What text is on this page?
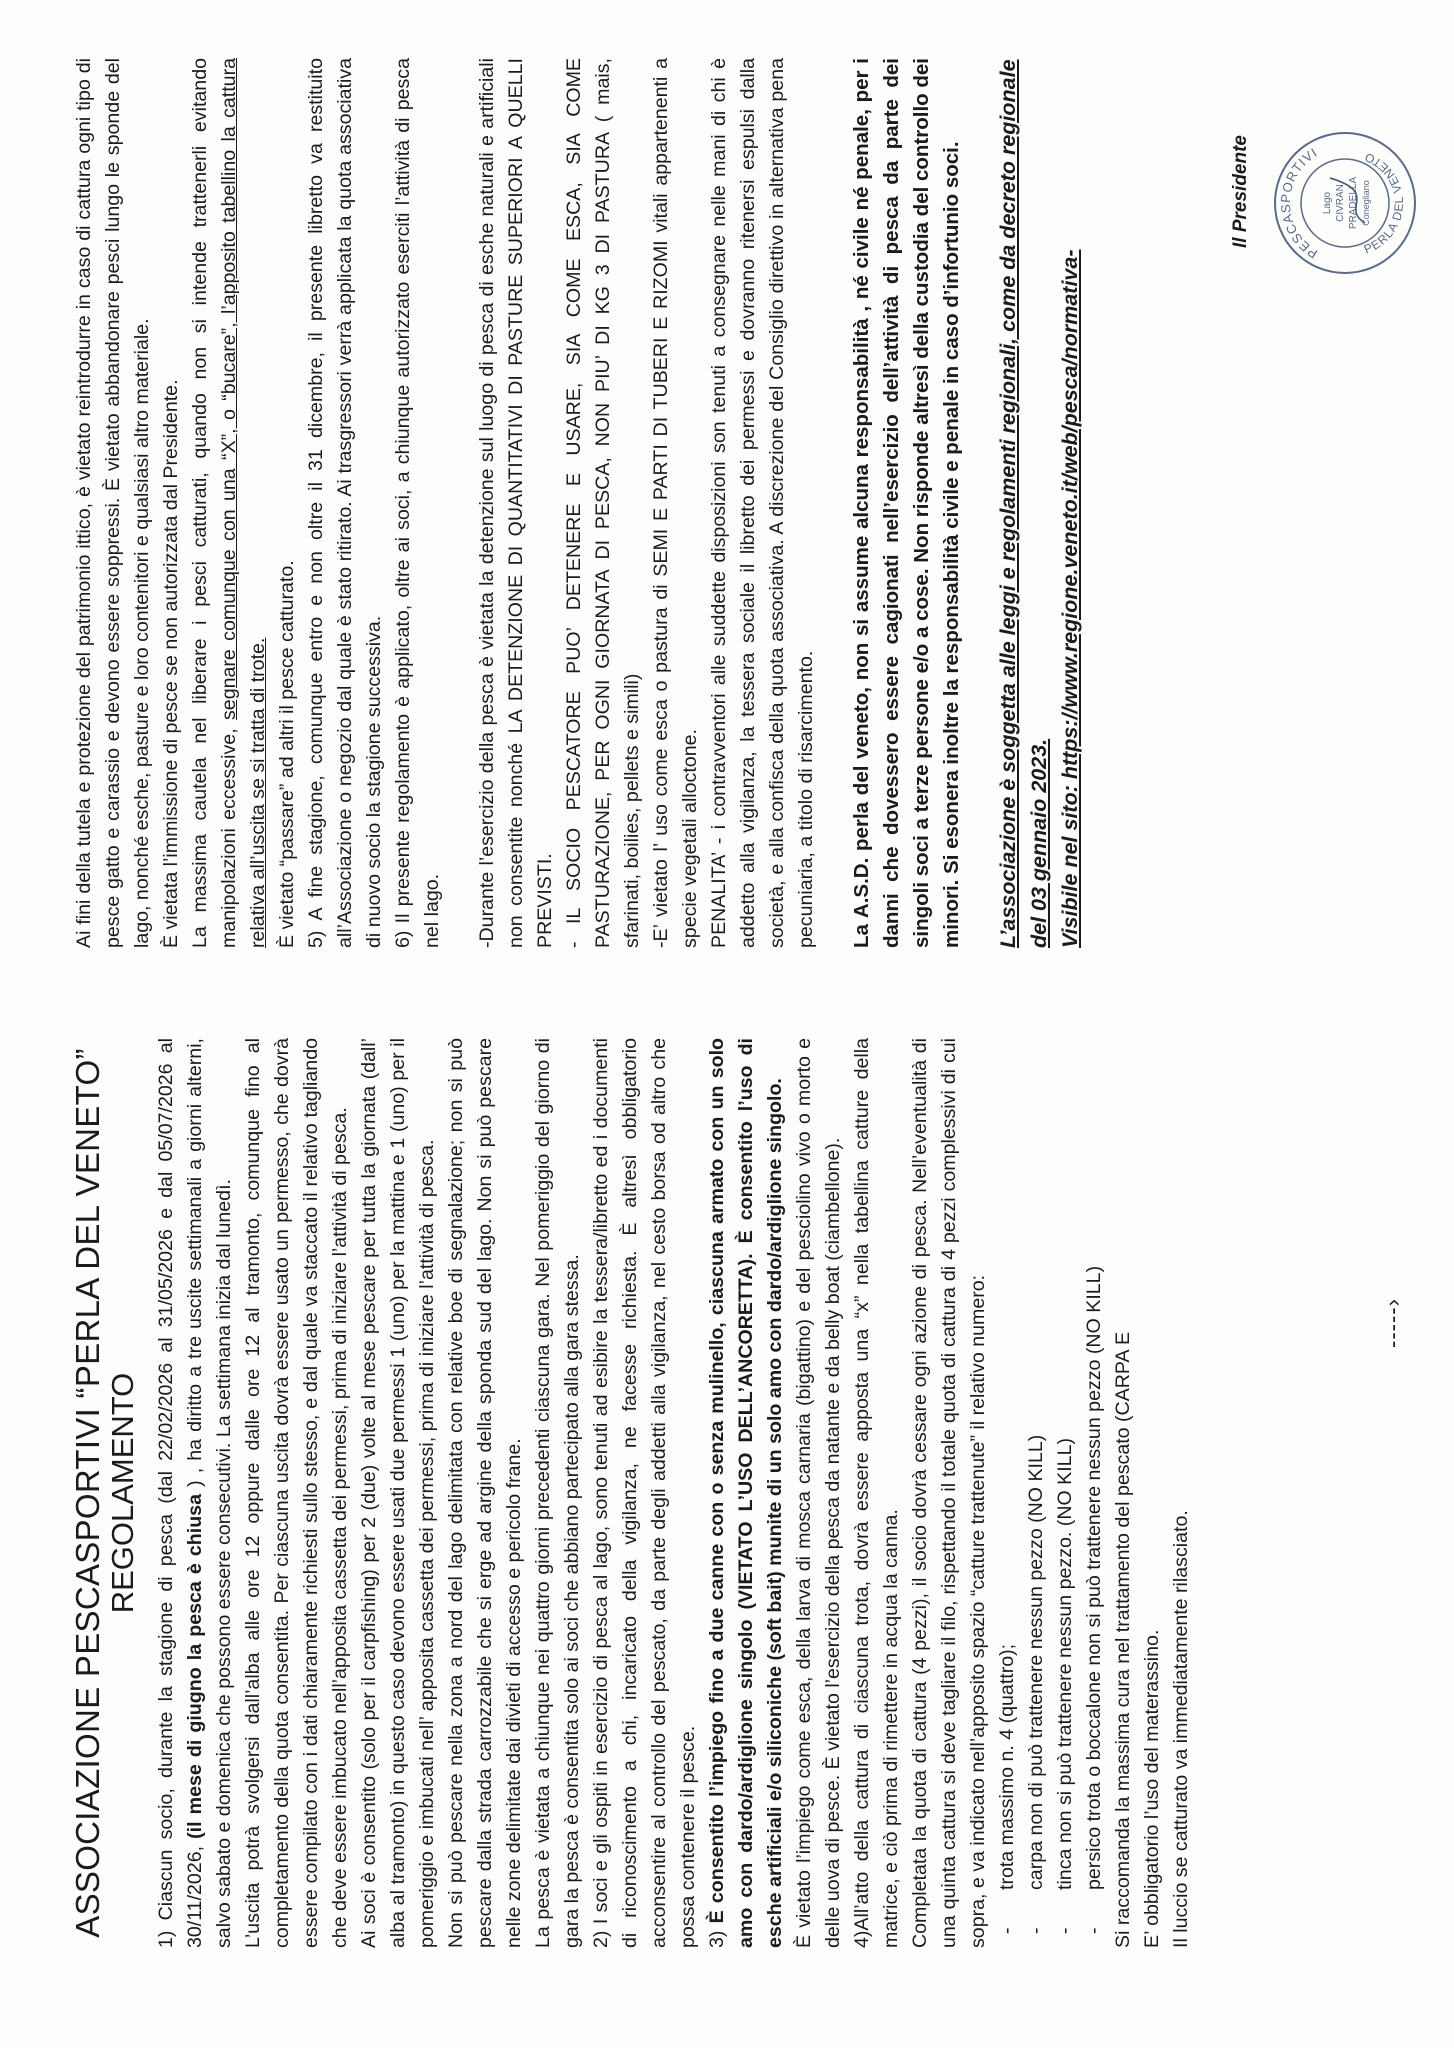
ASSOCIAZIONE PESCASPORTIVI “PERLA DEL VENETO” REGOLAMENTO 1) Ciascun socio, durante la stagione di pesca (dal 22/02/2026 al 31/05/2026 e dal 05/07/2026 al 30/11/2026, (il mese di giugno la pesca è chiusa ) , ha diritto a tre uscite settimanali a giorni alterni, salvo sabato e domenica che possono essere consecutivi. La settimana inizia dal lunedì. L’uscita potrà svolgersi dall’alba alle ore 12 oppure dalle ore 12 al tramonto, comunque fino al completamento della quota consentita. Per ciascuna uscita dovrà essere usato un permesso, che dovrà essere compilato con i dati chiaramente richiesti sullo stesso, e dal quale va staccato il relativo tagliando che deve essere imbucato nell’apposita cassetta dei permessi, prima di iniziare l’attività di pesca. Ai soci è consentito (solo per il carpfishing) per 2 (due) volte al mese pescare per tutta la giornata (dall’ alba al tramonto) in questo caso devono essere usati due permessi 1 (uno) per la mattina e 1 (uno) per il pomeriggio e imbucati nell’ apposita cassetta dei permessi, prima di iniziare l’attività di pesca. Non si può pescare nella zona a nord del lago delimitata con relative boe di segnalazione; non si può pescare dalla strada carrozzabile che si erge ad argine della sponda sud del lago. Non si può pescare nelle zone delimitate dai divieti di accesso e pericolo frane. La pesca è vietata a chiunque nei quattro giorni precedenti ciascuna gara. Nel pomeriggio del giorno di gara la pesca è consentita solo ai soci che abbiano partecipato alla gara stessa. 2) I soci e gli ospiti in esercizio di pesca al lago, sono tenuti ad esibire la tessera/libretto ed i documenti di riconoscimento a chi, incaricato della vigilanza, ne facesse richiesta. È altresì obbligatorio acconsentire al controllo del pescato, da parte degli addetti alla vigilanza, nel cesto borsa od altro che possa contenere il pesce. 3) È consentito l’impiego fino a due canne con o senza mulinello, ciascuna armato con un solo amo con dardo/ardiglione singolo (VIETATO L’USO DELL’ANCORETTA). È consentito l’uso di esche artificiali e/o siliconiche (soft bait) munite di un solo amo con dardo/ardiglione singolo. È vietato l’impiego come esca, della larva di mosca carnaria (bigattino) e del pesciolino vivo o morto e delle uova di pesce. È vietato l’esercizio della pesca da natante e da belly boat (ciambellone). 4)All’atto della cattura di ciascuna trota, dovrà essere apposta una “x” nella tabellina catture della matrice, e ciò prima di rimettere in acqua la canna. Completata la quota di cattura (4 pezzi), il socio dovrà cessare ogni azione di pesca. Nell’eventualità di una quinta cattura si deve tagliare il filo, rispettando il totale quota di cattura di 4 pezzi complessivi di cui sopra, e va indicato nell’apposito spazio “catture trattenute” il relativo numero: - trota massimo n. 4 (quattro); - carpa non di può trattenere nessun pezzo (NO KILL) - tinca non si può trattenere nessun pezzo. (NO KILL) - persico trota o boccalone non si può trattenere nessun pezzo (NO KILL) Si raccomanda la massima cura nel trattamento del pescato (CARPA E E’ obbligatorio l’uso del materassino. Il luccio se catturato va immediatamente rilasciato.

-----›

Ai fini della tutela e protezione del patrimonio ittico, è vietato reintrodurre in caso di cattura ogni tipo di pesce gatto e carassio e devono essere soppressi. È vietato abbandonare pesci lungo le sponde del lago, nonché esche, pasture e loro contenitori e qualsiasi altro materiale. È vietata l’immissione di pesce se non autorizzata dal Presidente. La massima cautela nel liberare i pesci catturati, quando non si intende trattenerli evitando manipolazioni eccessive, segnare comunque con una “X”, o “bucare”, l’apposito tabellino la cattura relativa all’uscita se si tratta di trote. È vietato “passare” ad altri il pesce catturato. 5) A fine stagione, comunque entro e non oltre il 31 dicembre, il presente libretto va restituito all’Associazione o negozio dal quale è stato ritirato. Ai trasgressori verrà applicata la quota associativa di nuovo socio la stagione successiva. 6) Il presente regolamento è applicato, oltre ai soci, a chiunque autorizzato eserciti l’attività di pesca nel lago. -Durante l’esercizio della pesca è vietata la detenzione sul luogo di pesca di esche naturali e artificiali non consentite nonché LA DETENZIONE DI QUANTITATIVI DI PASTURE SUPERIORI A QUELLI PREVISTI. - IL SOCIO PESCATORE PUO’ DETENERE E USARE, SIA COME ESCA, SIA COME PASTURAZIONE, PER OGNI GIORNATA DI PESCA, NON PIU’ DI KG 3 DI PASTURA ( mais, sfarinati, boilies, pellets e simili) -E’ vietato l’ uso come esca o pastura di SEMI E PARTI DI TUBERI E RIZOMI vitali appartenenti a specie vegetali alloctone. PENALITA’ - i contravventori alle suddette disposizioni son tenuti a consegnare nelle mani di chi è addetto alla vigilanza, la tessera sociale il libretto dei permessi e dovranno ritenersi espulsi dalla società, e alla confisca della quota associativa. A discrezione del Consiglio direttivo in alternativa pena pecuniaria, a titolo di risarcimento. La A.S.D. perla del veneto, non si assume alcuna responsabilità , né civile né penale, per i danni che dovessero essere cagionati nell’esercizio dell’attività di pesca da parte dei singoli soci a terze persone e/o a cose. Non risponde altresì della custodia del controllo dei minori. Si esonera inoltre la responsabilità civile e penale in caso d’infortunio soci. L’associazione è soggetta alle leggi e regolamenti regionali, come da decreto regionale del 03 gennaio 2023. Visibile nel sito: https://www.regione.veneto.it/web/pesca/normativa-

Il Presidente
PESCASPORTIVI
PERLA DEL VENETO
Lago CIVRAN PRADELLA Conegliano
